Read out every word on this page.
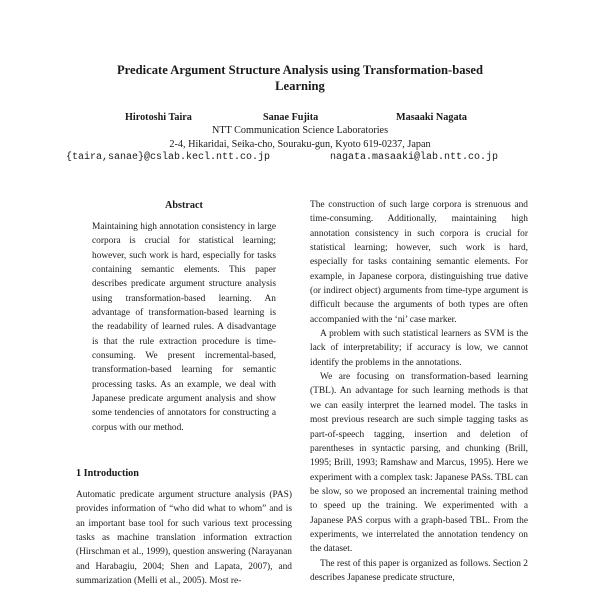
Predicate Argument Structure Analysis using Transformation-based
Learning
Hirotoshi Taira	Sanae Fujita	Masaaki Nagata
NTT Communication Science Laboratories
2-4, Hikaridai, Seika-cho, Souraku-gun, Kyoto 619-0237, Japan
{taira,sanae}@cslab.kecl.ntt.co.jp	nagata.masaaki@lab.ntt.co.jp
Abstract

Maintaining high annotation consistency in large corpora is crucial for statistical learning; however, such work is hard, especially for tasks containing semantic elements. This paper describes predicate argument structure analysis using transformation-based learning. An advantage of transformation-based learning is the readability of learned rules. A disadvantage is that the rule extraction procedure is time-consuming. We present incremental-based, transformation-based learning for semantic processing tasks. As an example, we deal with Japanese predicate argument analysis and show some tendencies of annotators for constructing a corpus with our method.

1 Introduction

Automatic predicate argument structure analysis (PAS) provides information of “who did what to whom” and is an important base tool for such various text processing tasks as machine translation information extraction (Hirschman et al., 1999), question answering (Narayanan and Harabagiu, 2004; Shen and Lapata, 2007), and summarization (Melli et al., 2005). Most re-

The construction of such large corpora is strenuous and time-consuming. Additionally, maintaining high annotation consistency in such corpora is crucial for statistical learning; however, such work is hard, especially for tasks containing semantic elements. For example, in Japanese corpora, distinguishing true dative (or indirect object) arguments from time-type argument is difficult because the arguments of both types are often accompanied with the ‘ni’ case marker.

A problem with such statistical learners as SVM is the lack of interpretability; if accuracy is low, we cannot identify the problems in the annotations.

We are focusing on transformation-based learning (TBL). An advantage for such learning methods is that we can easily interpret the learned model. The tasks in most previous research are such simple tagging tasks as part-of-speech tagging, insertion and deletion of parentheses in syntactic parsing, and chunking (Brill, 1995; Brill, 1993; Ramshaw and Marcus, 1995). Here we experiment with a complex task: Japanese PASs. TBL can be slow, so we proposed an incremental training method to speed up the training. We experimented with a Japanese PAS corpus with a graph-based TBL. From the experiments, we interrelated the annotation tendency on the dataset.

The rest of this paper is organized as follows. Section 2 describes Japanese predicate structure,
